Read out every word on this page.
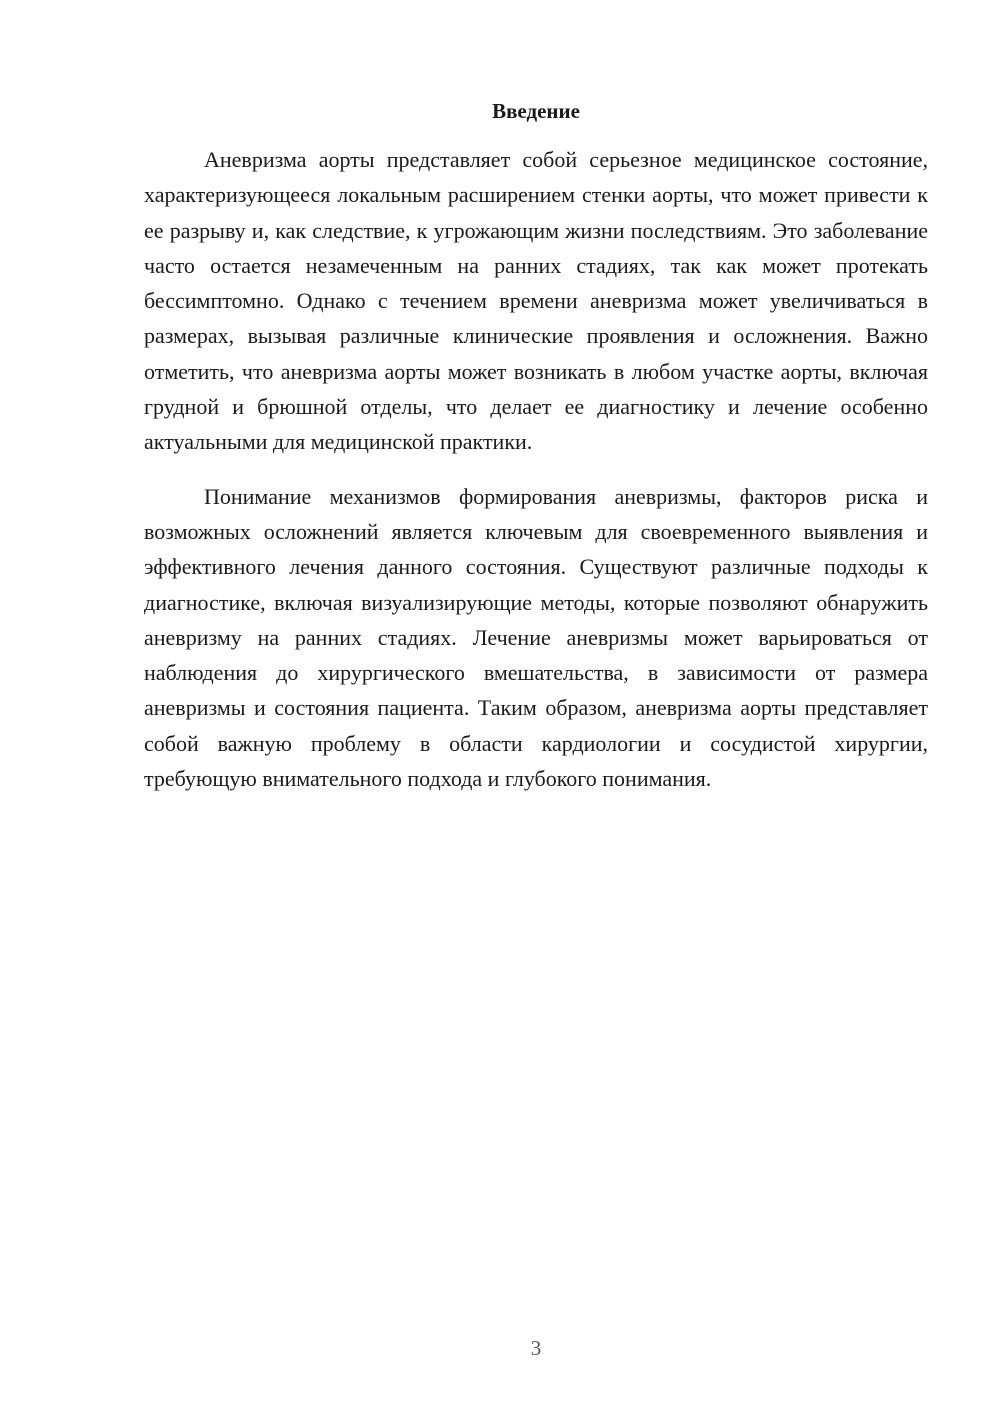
Введение

Аневризма аорты представляет собой серьезное медицинское состояние, характеризующееся локальным расширением стенки аорты, что может привести к ее разрыву и, как следствие, к угрожающим жизни последствиям. Это заболевание часто остается незамеченным на ранних стадиях, так как может протекать бессимптомно. Однако с течением времени аневризма может увеличиваться в размерах, вызывая различные клинические проявления и осложнения. Важно отметить, что аневризма аорты может возникать в любом участке аорты, включая грудной и брюшной отделы, что делает ее диагностику и лечение особенно актуальными для медицинской практики.

Понимание механизмов формирования аневризмы, факторов риска и возможных осложнений является ключевым для своевременного выявления и эффективного лечения данного состояния. Существуют различные подходы к диагностике, включая визуализирующие методы, которые позволяют обнаружить аневризму на ранних стадиях. Лечение аневризмы может варьироваться от наблюдения до хирургического вмешательства, в зависимости от размера аневризмы и состояния пациента. Таким образом, аневризма аорты представляет собой важную проблему в области кардиологии и сосудистой хирургии, требующую внимательного подхода и глубокого понимания.

3
